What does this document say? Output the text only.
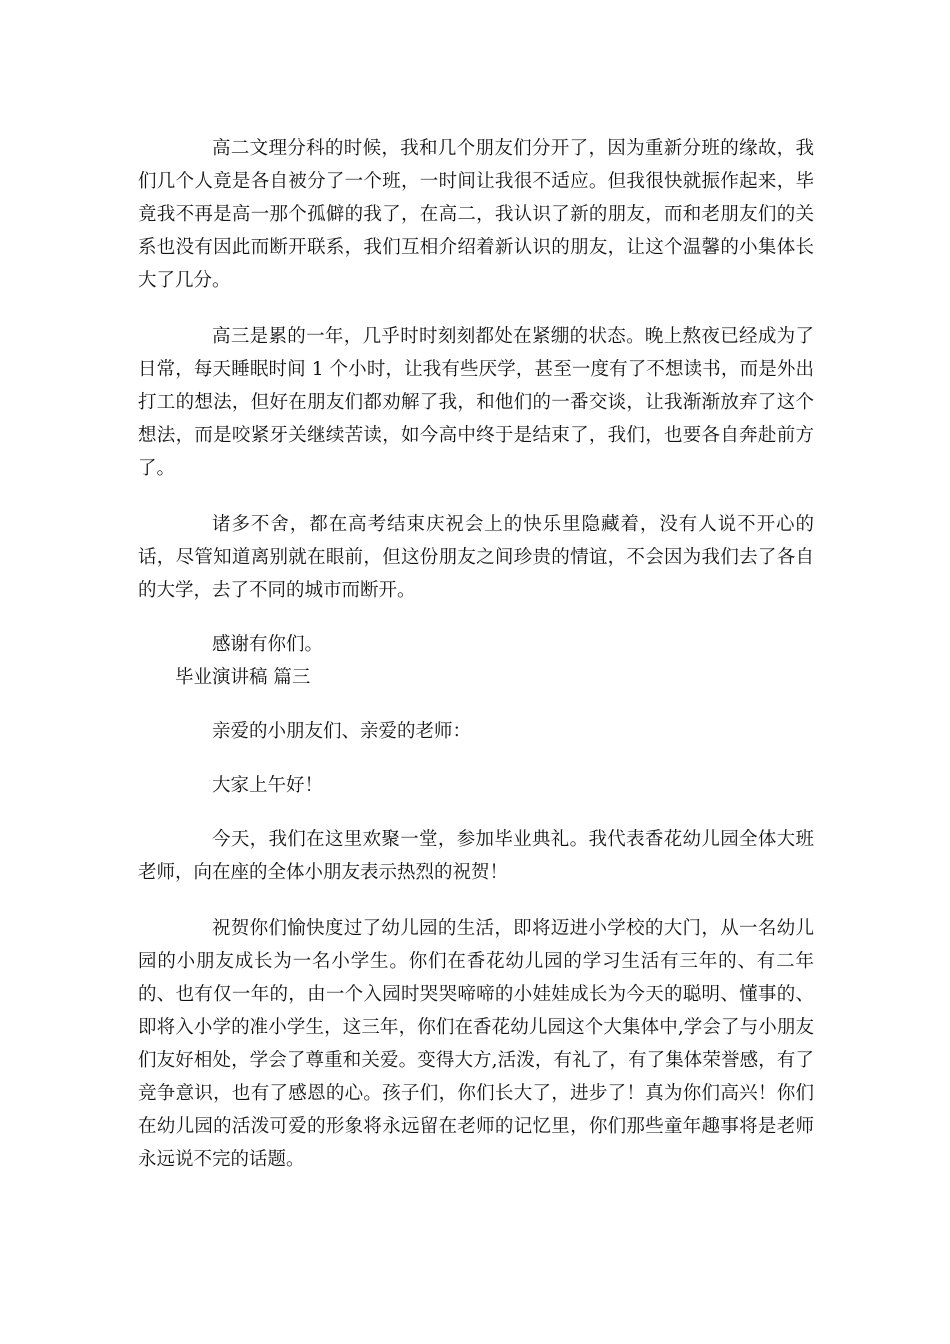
高二文理分科的时候，我和几个朋友们分开了，因为重新分班的缘故，我们几个人竟是各自被分了一个班，一时间让我很不适应。但我很快就振作起来，毕竟我不再是高一那个孤僻的我了，在高二，我认识了新的朋友，而和老朋友们的关系也没有因此而断开联系，我们互相介绍着新认识的朋友，让这个温馨的小集体长大了几分。

高三是累的一年，几乎时时刻刻都处在紧绷的状态。晚上熬夜已经成为了日常，每天睡眠时间 1 个小时，让我有些厌学，甚至一度有了不想读书，而是外出打工的想法，但好在朋友们都劝解了我，和他们的一番交谈，让我渐渐放弃了这个想法，而是咬紧牙关继续苦读，如今高中终于是结束了，我们，也要各自奔赴前方了。

诸多不舍，都在高考结束庆祝会上的快乐里隐藏着，没有人说不开心的话，尽管知道离别就在眼前，但这份朋友之间珍贵的情谊，不会因为我们去了各自的大学，去了不同的城市而断开。

感谢有你们。

毕业演讲稿 篇三

亲爱的小朋友们、亲爱的老师：

大家上午好！

今天，我们在这里欢聚一堂，参加毕业典礼。我代表香花幼儿园全体大班老师，向在座的全体小朋友表示热烈的祝贺！

祝贺你们愉快度过了幼儿园的生活，即将迈进小学校的大门，从一名幼儿园的小朋友成长为一名小学生。你们在香花幼儿园的学习生活有三年的、有二年的、也有仅一年的，由一个入园时哭哭啼啼的小娃娃成长为今天的聪明、懂事的、即将入小学的准小学生，这三年，你们在香花幼儿园这个大集体中,学会了与小朋友们友好相处，学会了尊重和关爱。变得大方,活泼，有礼了，有了集体荣誉感，有了竞争意识，也有了感恩的心。孩子们，你们长大了，进步了！真为你们高兴！你们在幼儿园的活泼可爱的形象将永远留在老师的记忆里，你们那些童年趣事将是老师永远说不完的话题。
